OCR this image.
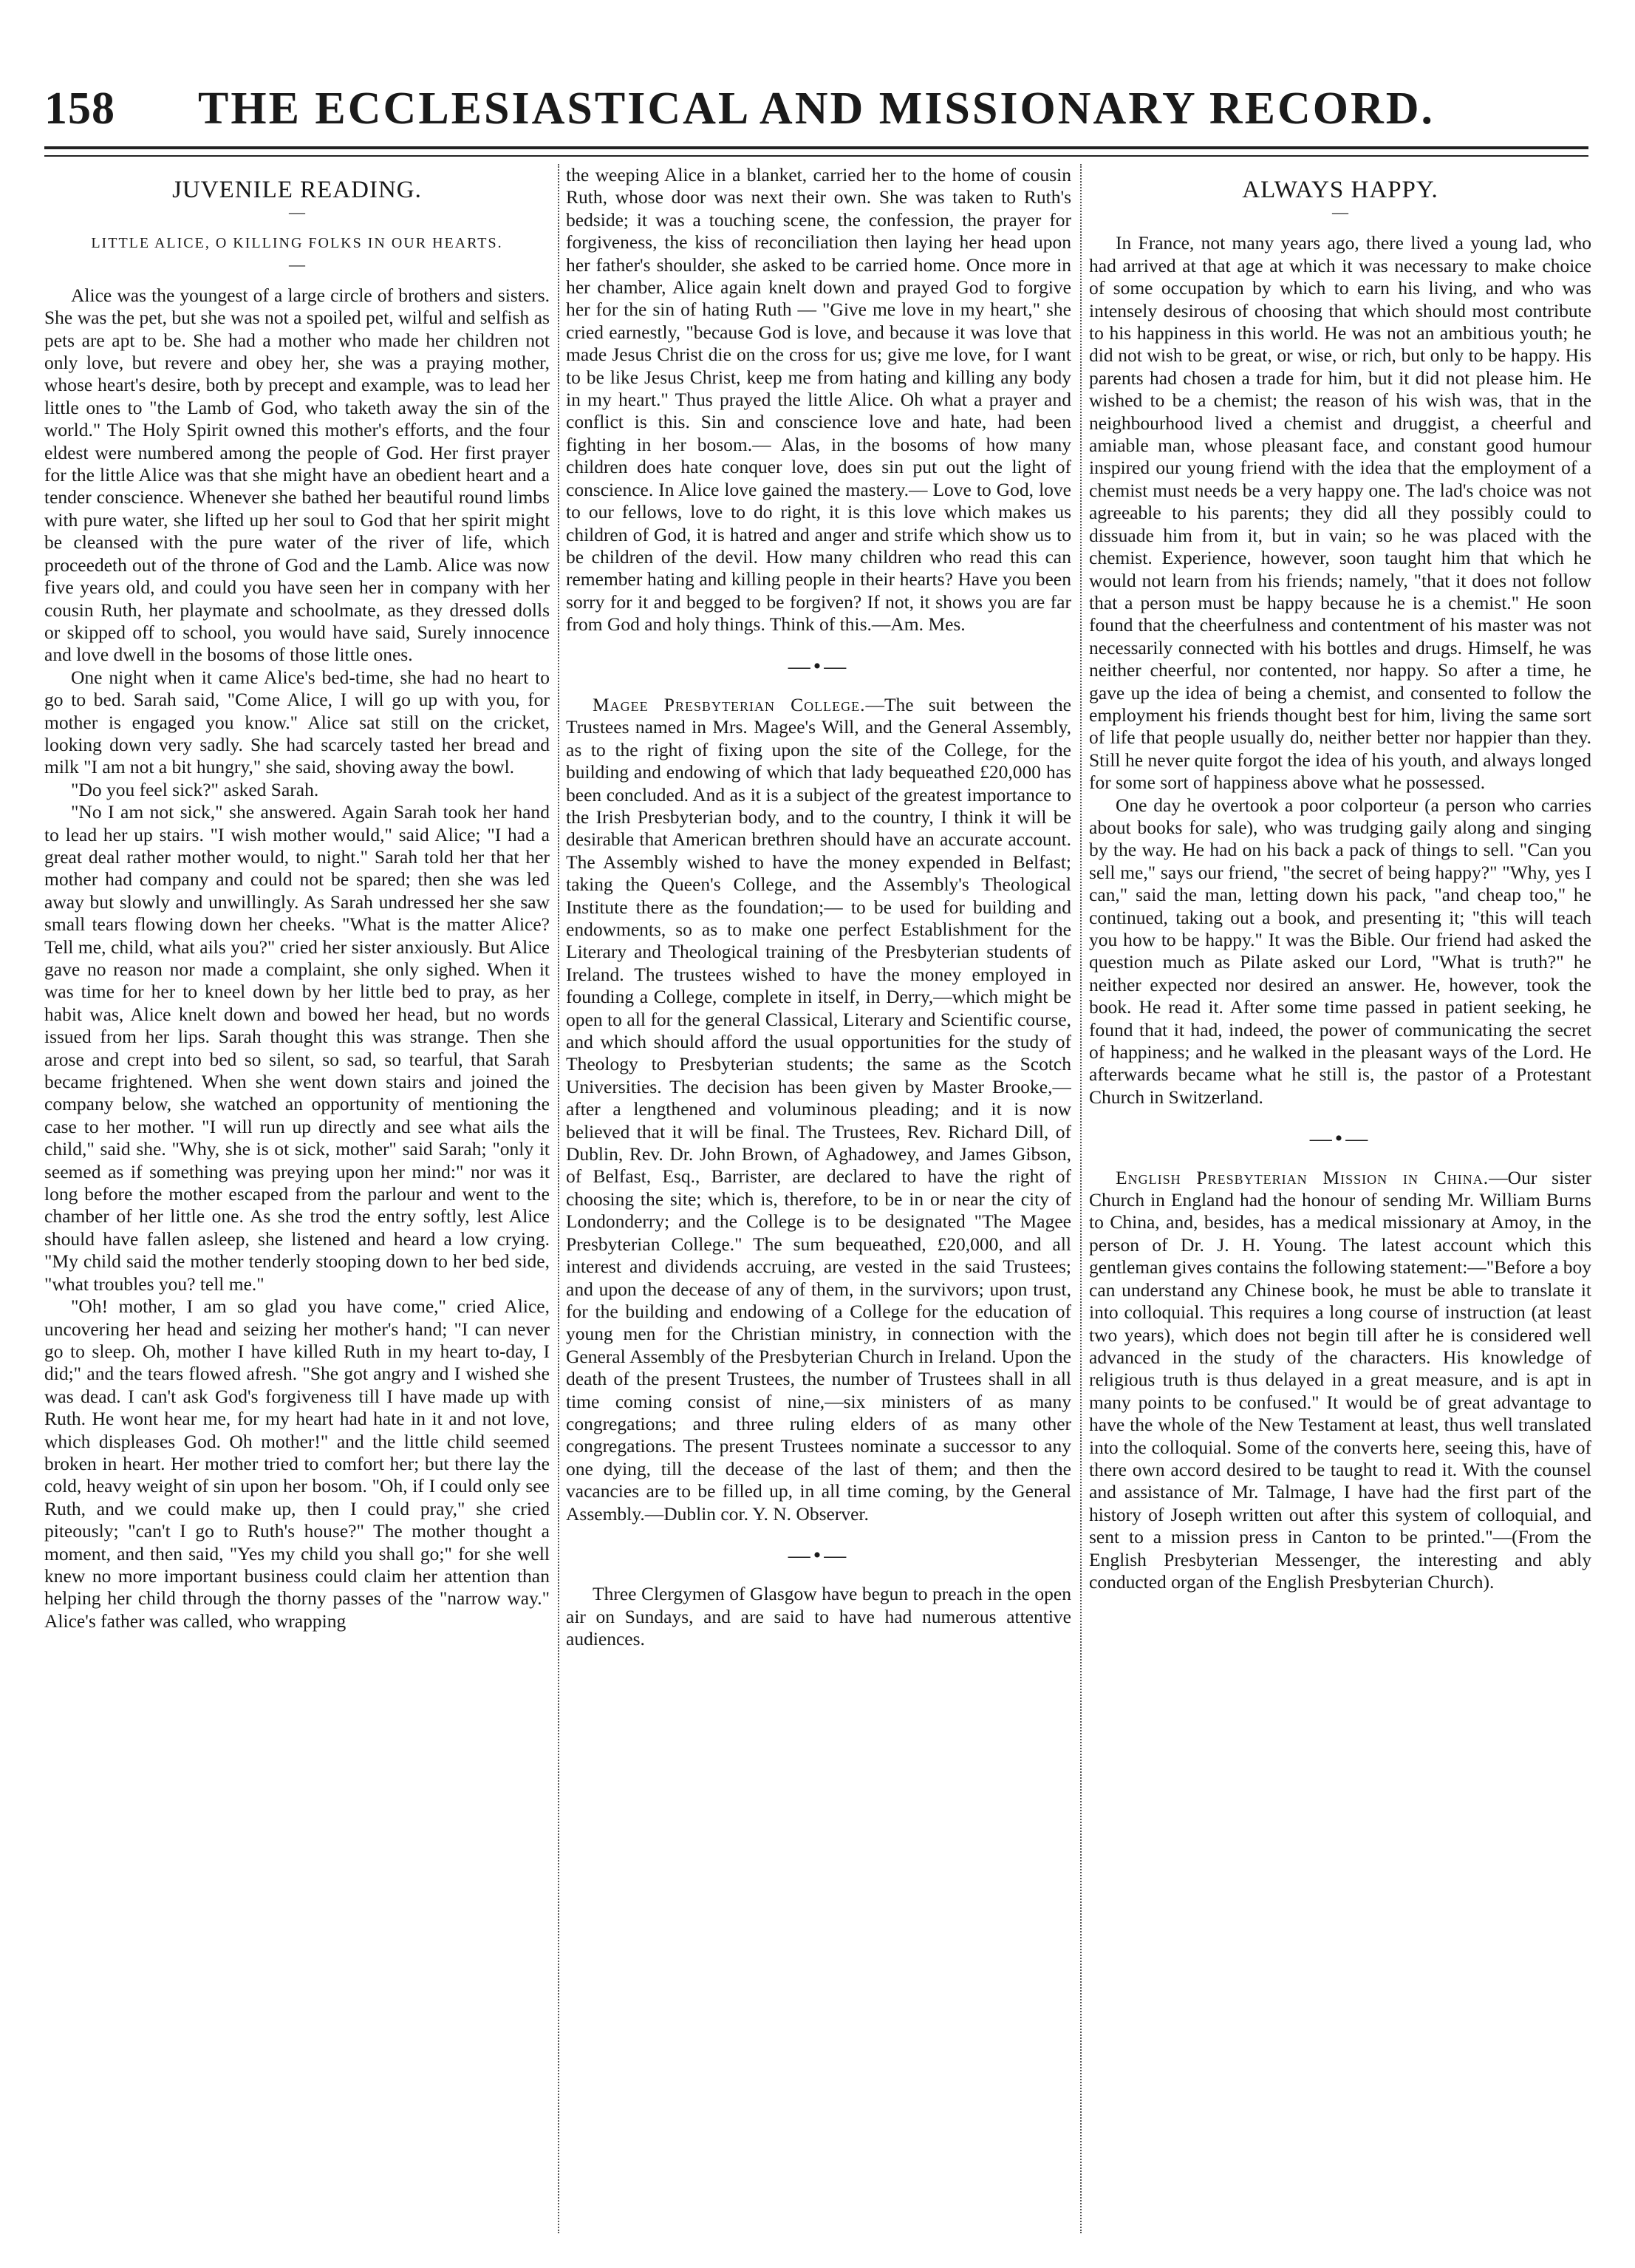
THE ECCLESIASTICAL AND MISSIONARY RECORD.
158
JUVENILE READING.
—
LITTLE ALICE, O KILLING FOLKS IN OUR HEARTS.
—

Alice was the youngest of a large circle of brothers and sisters. She was the pet, but she was not a spoiled pet, wilful and selfish as pets are apt to be. She had a mother who made her children not only love, but revere and obey her, she was a praying mother, whose heart's desire, both by precept and example, was to lead her little ones to "the Lamb of God, who taketh away the sin of the world." The Holy Spirit owned this mother's efforts, and the four eldest were numbered among the people of God. Her first prayer for the little Alice was that she might have an obedient heart and a tender conscience. Whenever she bathed her beautiful round limbs with pure water, she lifted up her soul to God that her spirit might be cleansed with the pure water of the river of life, which proceedeth out of the throne of God and the Lamb. Alice was now five years old, and could you have seen her in company with her cousin Ruth, her playmate and schoolmate, as they dressed dolls or skipped off to school, you would have said, Surely innocence and love dwell in the bosoms of those little ones.

One night when it came Alice's bed-time, she had no heart to go to bed. Sarah said, "Come Alice, I will go up with you, for mother is engaged you know." Alice sat still on the cricket, looking down very sadly. She had scarcely tasted her bread and milk "I am not a bit hungry," she said, shoving away the bowl.

"Do you feel sick?" asked Sarah.

"No I am not sick," she answered. Again Sarah took her hand to lead her up stairs. "I wish mother would," said Alice; "I had a great deal rather mother would, to night." Sarah told her that her mother had company and could not be spared; then she was led away but slowly and unwillingly. As Sarah undressed her she saw small tears flowing down her cheeks. "What is the matter Alice? Tell me, child, what ails you?" cried her sister anxiously. But Alice gave no reason nor made a complaint, she only sighed. When it was time for her to kneel down by her little bed to pray, as her habit was, Alice knelt down and bowed her head, but no words issued from her lips. Sarah thought this was strange. Then she arose and crept into bed so silent, so sad, so tearful, that Sarah became frightened. When she went down stairs and joined the company below, she watched an opportunity of mentioning the case to her mother. "I will run up directly and see what ails the child," said she. "Why, she is ot sick, mother" said Sarah; "only it seemed as if something was preying upon her mind:" nor was it long before the mother escaped from the parlour and went to the chamber of her little one. As she trod the entry softly, lest Alice should have fallen asleep, she listened and heard a low crying. "My child said the mother tenderly stooping down to her bed side, "what troubles you? tell me."

"Oh! mother, I am so glad you have come," cried Alice, uncovering her head and seizing her mother's hand; "I can never go to sleep. Oh, mother I have killed Ruth in my heart to-day, I did;" and the tears flowed afresh. "She got angry and I wished she was dead. I can't ask God's forgiveness till I have made up with Ruth. He wont hear me, for my heart had hate in it and not love, which displeases God. Oh mother!" and the little child seemed broken in heart. Her mother tried to comfort her; but there lay the cold, heavy weight of sin upon her bosom. "Oh, if I could only see Ruth, and we could make up, then I could pray," she cried piteously; "can't I go to Ruth's house?" The mother thought a moment, and then said, "Yes my child you shall go;" for she well knew no more important business could claim her attention than helping her child through the thorny passes of the "narrow way." Alice's father was called, who wrapping

the weeping Alice in a blanket, carried her to the home of cousin Ruth, whose door was next their own. She was taken to Ruth's bedside; it was a touching scene, the confession, the prayer for forgiveness, the kiss of reconciliation then laying her head upon her father's shoulder, she asked to be carried home. Once more in her chamber, Alice again knelt down and prayed God to forgive her for the sin of hating Ruth — "Give me love in my heart," she cried earnestly, "because God is love, and because it was love that made Jesus Christ die on the cross for us; give me love, for I want to be like Jesus Christ, keep me from hating and killing any body in my heart." Thus prayed the little Alice. Oh what a prayer and conflict is this. Sin and conscience love and hate, had been fighting in her bosom.— Alas, in the bosoms of how many children does hate conquer love, does sin put out the light of conscience. In Alice love gained the mastery.— Love to God, love to our fellows, love to do right, it is this love which makes us children of God, it is hatred and anger and strife which show us to be children of the devil. How many children who read this can remember hating and killing people in their hearts? Have you been sorry for it and begged to be forgiven? If not, it shows you are far from God and holy things. Think of this.—Am. Mes.

—•—

Magee Presbyterian College.—The suit between the Trustees named in Mrs. Magee's Will, and the General Assembly, as to the right of fixing upon the site of the College, for the building and endowing of which that lady bequeathed £20,000 has been concluded. And as it is a subject of the greatest importance to the Irish Presbyterian body, and to the country, I think it will be desirable that American brethren should have an accurate account. The Assembly wished to have the money expended in Belfast; taking the Queen's College, and the Assembly's Theological Institute there as the foundation;— to be used for building and endowments, so as to make one perfect Establishment for the Literary and Theological training of the Presbyterian students of Ireland. The trustees wished to have the money employed in founding a College, complete in itself, in Derry,—which might be open to all for the general Classical, Literary and Scientific course, and which should afford the usual opportunities for the study of Theology to Presbyterian students; the same as the Scotch Universities. The decision has been given by Master Brooke,—after a lengthened and voluminous pleading; and it is now believed that it will be final. The Trustees, Rev. Richard Dill, of Dublin, Rev. Dr. John Brown, of Aghadowey, and James Gibson, of Belfast, Esq., Barrister, are declared to have the right of choosing the site; which is, therefore, to be in or near the city of Londonderry; and the College is to be designated "The Magee Presbyterian College." The sum bequeathed, £20,000, and all interest and dividends accruing, are vested in the said Trustees; and upon the decease of any of them, in the survivors; upon trust, for the building and endowing of a College for the education of young men for the Christian ministry, in connection with the General Assembly of the Presbyterian Church in Ireland. Upon the death of the present Trustees, the number of Trustees shall in all time coming consist of nine,—six ministers of as many congregations; and three ruling elders of as many other congregations. The present Trustees nominate a successor to any one dying, till the decease of the last of them; and then the vacancies are to be filled up, in all time coming, by the General Assembly.—Dublin cor. Y. N. Observer.

—•—

Three Clergymen of Glasgow have begun to preach in the open air on Sundays, and are said to have had numerous attentive audiences.

ALWAYS HAPPY.
—

In France, not many years ago, there lived a young lad, who had arrived at that age at which it was necessary to make choice of some occupation by which to earn his living, and who was intensely desirous of choosing that which should most contribute to his happiness in this world. He was not an ambitious youth; he did not wish to be great, or wise, or rich, but only to be happy. His parents had chosen a trade for him, but it did not please him. He wished to be a chemist; the reason of his wish was, that in the neighbourhood lived a chemist and druggist, a cheerful and amiable man, whose pleasant face, and constant good humour inspired our young friend with the idea that the employment of a chemist must needs be a very happy one. The lad's choice was not agreeable to his parents; they did all they possibly could to dissuade him from it, but in vain; so he was placed with the chemist. Experience, however, soon taught him that which he would not learn from his friends; namely, "that it does not follow that a person must be happy because he is a chemist." He soon found that the cheerfulness and contentment of his master was not necessarily connected with his bottles and drugs. Himself, he was neither cheerful, nor contented, nor happy. So after a time, he gave up the idea of being a chemist, and consented to follow the employment his friends thought best for him, living the same sort of life that people usually do, neither better nor happier than they. Still he never quite forgot the idea of his youth, and always longed for some sort of happiness above what he possessed.

One day he overtook a poor colporteur (a person who carries about books for sale), who was trudging gaily along and singing by the way. He had on his back a pack of things to sell. "Can you sell me," says our friend, "the secret of being happy?" "Why, yes I can," said the man, letting down his pack, "and cheap too," he continued, taking out a book, and presenting it; "this will teach you how to be happy." It was the Bible. Our friend had asked the question much as Pilate asked our Lord, "What is truth?" he neither expected nor desired an answer. He, however, took the book. He read it. After some time passed in patient seeking, he found that it had, indeed, the power of communicating the secret of happiness; and he walked in the pleasant ways of the Lord. He afterwards became what he still is, the pastor of a Protestant Church in Switzerland.

—•—

English Presbyterian Mission in China.—Our sister Church in England had the honour of sending Mr. William Burns to China, and, besides, has a medical missionary at Amoy, in the person of Dr. J. H. Young. The latest account which this gentleman gives contains the following statement:—"Before a boy can understand any Chinese book, he must be able to translate it into colloquial. This requires a long course of instruction (at least two years), which does not begin till after he is considered well advanced in the study of the characters. His knowledge of religious truth is thus delayed in a great measure, and is apt in many points to be confused." It would be of great advantage to have the whole of the New Testament at least, thus well translated into the colloquial. Some of the converts here, seeing this, have of there own accord desired to be taught to read it. With the counsel and assistance of Mr. Talmage, I have had the first part of the history of Joseph written out after this system of colloquial, and sent to a mission press in Canton to be printed."—(From the English Presbyterian Messenger, the interesting and ably conducted organ of the English Presbyterian Church).
